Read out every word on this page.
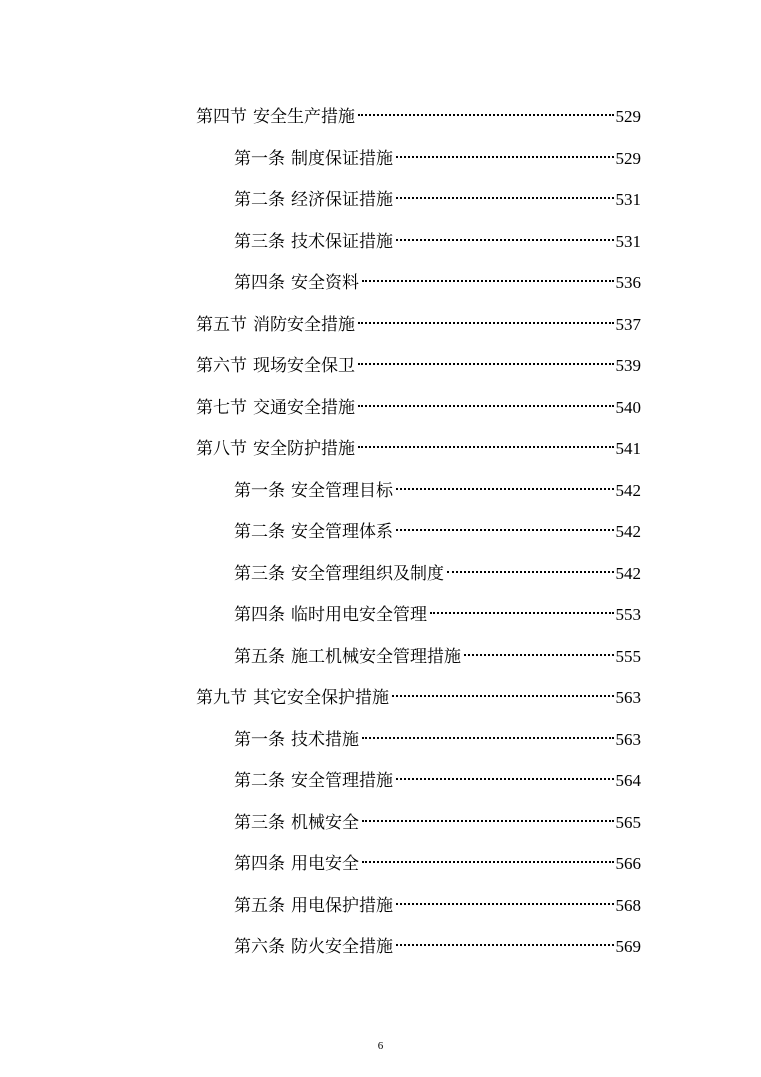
第四节 安全生产措施	529
第一条 制度保证措施	529
第二条 经济保证措施	531
第三条 技术保证措施	531
第四条 安全资料	536
第五节 消防安全措施	537
第六节 现场安全保卫	539
第七节 交通安全措施	540
第八节 安全防护措施	541
第一条 安全管理目标	542
第二条 安全管理体系	542
第三条 安全管理组织及制度	542
第四条 临时用电安全管理	553
第五条 施工机械安全管理措施	555
第九节 其它安全保护措施	563
第一条 技术措施	563
第二条 安全管理措施	564
第三条 机械安全	565
第四条 用电安全	566
第五条 用电保护措施	568
第六条 防火安全措施	569
6
